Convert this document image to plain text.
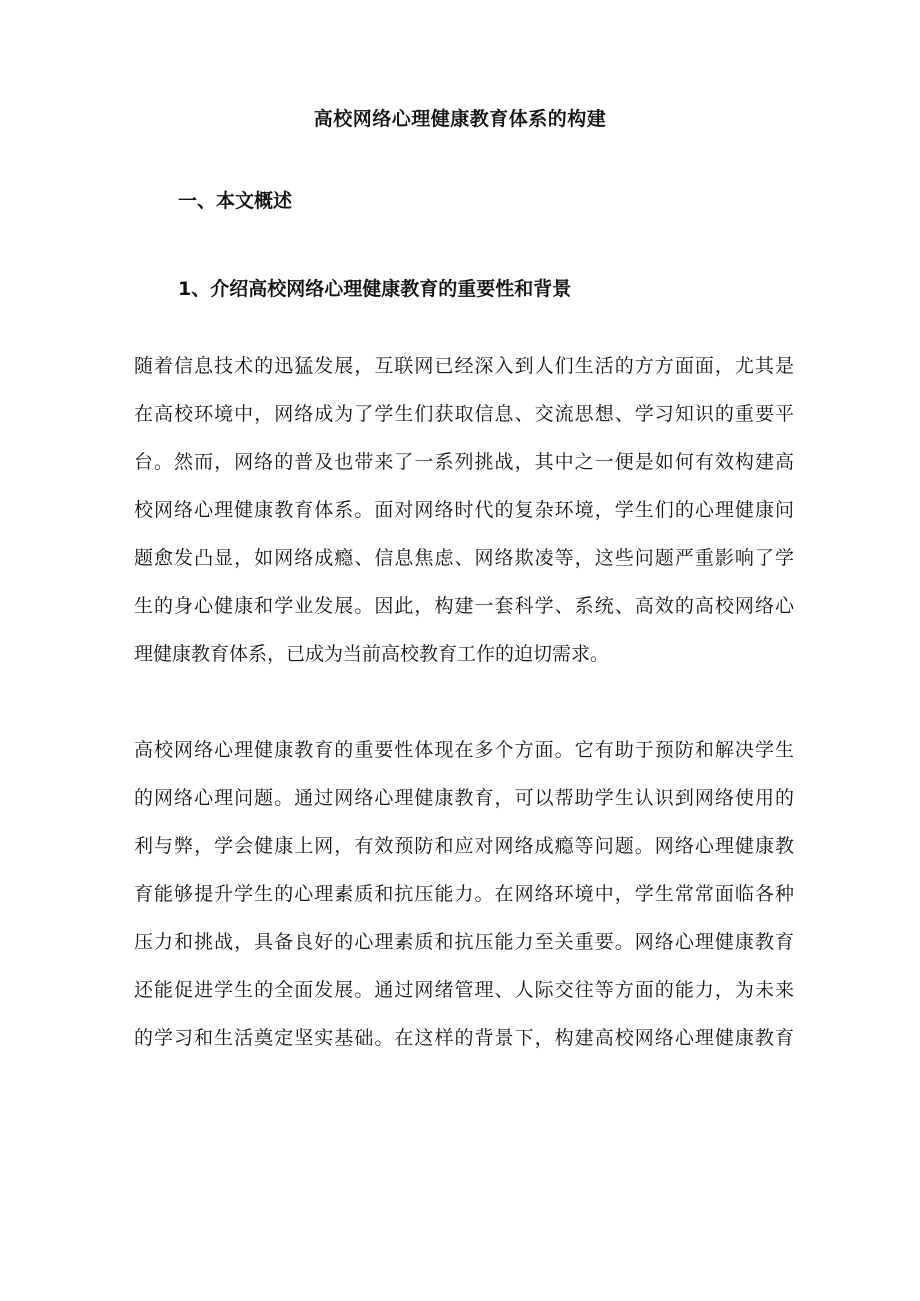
高校网络心理健康教育体系的构建
一、本文概述
1、介绍高校网络心理健康教育的重要性和背景
随着信息技术的迅猛发展，互联网已经深入到人们生活的方方面面，尤其是
在高校环境中，网络成为了学生们获取信息、交流思想、学习知识的重要平
台。然而，网络的普及也带来了一系列挑战，其中之一便是如何有效构建高
校网络心理健康教育体系。面对网络时代的复杂环境，学生们的心理健康问
题愈发凸显，如网络成瘾、信息焦虑、网络欺凌等，这些问题严重影响了学
生的身心健康和学业发展。因此，构建一套科学、系统、高效的高校网络心
理健康教育体系，已成为当前高校教育工作的迫切需求。
高校网络心理健康教育的重要性体现在多个方面。它有助于预防和解决学生
的网络心理问题。通过网络心理健康教育，可以帮助学生认识到网络使用的
利与弊，学会健康上网，有效预防和应对网络成瘾等问题。网络心理健康教
育能够提升学生的心理素质和抗压能力。在网络环境中，学生常常面临各种
压力和挑战，具备良好的心理素质和抗压能力至关重要。网络心理健康教育
还能促进学生的全面发展。通过网绪管理、人际交往等方面的能力，为未来
的学习和生活奠定坚实基础。在这样的背景下，构建高校网络心理健康教育
